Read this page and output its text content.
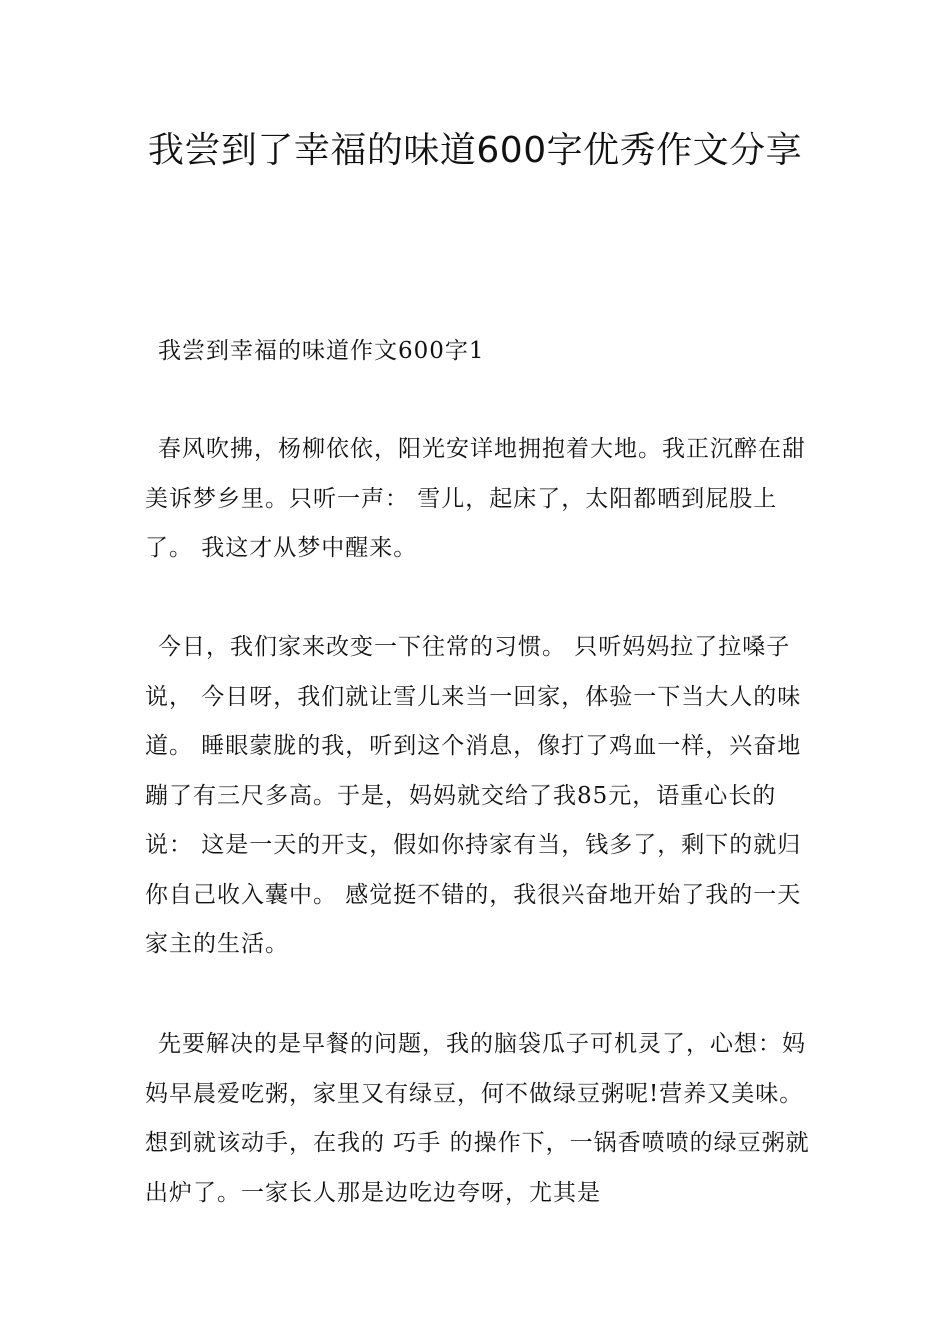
我尝到了幸福的味道600字优秀作文分享

我尝到幸福的味道作文600字1

春风吹拂，杨柳依依，阳光安详地拥抱着大地。我正沉醉在甜美诉梦乡里。只听一声： 雪儿，起床了，太阳都晒到屁股上了。 我这才从梦中醒来。

今日，我们家来改变一下往常的习惯。 只听妈妈拉了拉嗓子说， 今日呀，我们就让雪儿来当一回家，体验一下当大人的味道。 睡眼蒙胧的我，听到这个消息，像打了鸡血一样，兴奋地蹦了有三尺多高。于是，妈妈就交给了我85元，语重心长的说： 这是一天的开支，假如你持家有当，钱多了，剩下的就归你自己收入囊中。 感觉挺不错的，我很兴奋地开始了我的一天家主的生活。

先要解决的是早餐的问题，我的脑袋瓜子可机灵了，心想：妈妈早晨爱吃粥，家里又有绿豆，何不做绿豆粥呢!营养又美味。想到就该动手，在我的 巧手 的操作下，一锅香喷喷的绿豆粥就出炉了。一家长人那是边吃边夸呀，尤其是
